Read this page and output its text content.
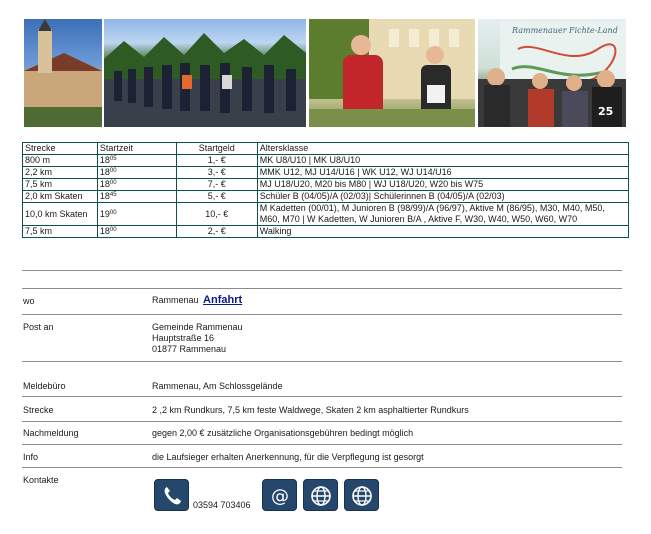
Rammenauer Fichte-Land
25
Strecke	Startzeit	Startgeld	Altersklasse
800 m	$18^{05}$	1,- €	MK U8/U10 | MK U8/U10
2,2 km	$18^{00}$	3,- €	MMK U12, MJ U14/U16 | WK U12, WJ U14/U16
7,5 km	$18^{00}$	7,- €	MJ U18/U20, M20 bis M80 | WJ U18/U20, W20 bis W75
2,0 km Skaten	$18^{45}$	5,- €	Schüler B (04/05)/A (02/03)| Schülerinnen B (04/05)/A (02/03)
10,0 km Skaten	$19^{00}$	10,- €	M Kadetten (00/01), M Junioren B (98/99)/A (96/97), Aktive M (86/95), M30, M40, M50, M60, M70 | W Kadetten, W Junioren B/A , Aktive F, W30, W40, W50, W60, W70
7,5 km	$18^{00}$	2,- €	Walking
wo	Rammenau Anfahrt
Post an	Gemeinde Rammenau
Hauptstraße 16
01877 Rammenau
Meldebüro	Rammenau, Am Schlossgelände
Strecke	2 ,2 km Rundkurs, 7,5 km feste Waldwege, Skaten 2 km asphaltierter Rundkurs
Nachmeldung	gegen 2,00 € zusätzliche Organisationsgebühren bedingt möglich
Info	die Laufsieger erhalten Anerkennung, für die Verpflegung ist gesorgt
Kontakte
03594 703406 @
